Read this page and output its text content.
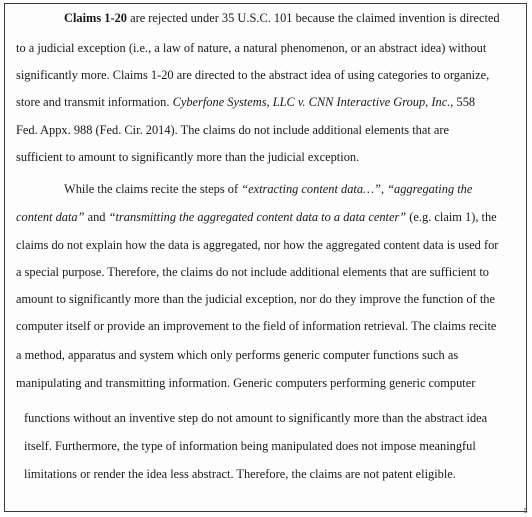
Claims 1-20 are rejected under 35 U.S.C. 101 because the claimed invention is directed
to a judicial exception (i.e., a law of nature, a natural phenomenon, or an abstract idea) without
significantly more. Claims 1-20 are directed to the abstract idea of using categories to organize,
store and transmit information. Cyberfone Systems, LLC v. CNN Interactive Group, Inc., 558
Fed. Appx. 988 (Fed. Cir. 2014). The claims do not include additional elements that are
sufficient to amount to significantly more than the judicial exception.
While the claims recite the steps of “extracting content data…”, “aggregating the
content data” and “transmitting the aggregated content data to a data center” (e.g. claim 1), the
claims do not explain how the data is aggregated, nor how the aggregated content data is used for
a special purpose. Therefore, the claims do not include additional elements that are sufficient to
amount to significantly more than the judicial exception, nor do they improve the function of the
computer itself or provide an improvement to the field of information retrieval. The claims recite
a method, apparatus and system which only performs generic computer functions such as
manipulating and transmitting information. Generic computers performing generic computer
functions without an inventive step do not amount to significantly more than the abstract idea
itself. Furthermore, the type of information being manipulated does not impose meaningful
limitations or render the idea less abstract. Therefore, the claims are not patent eligible.
5
